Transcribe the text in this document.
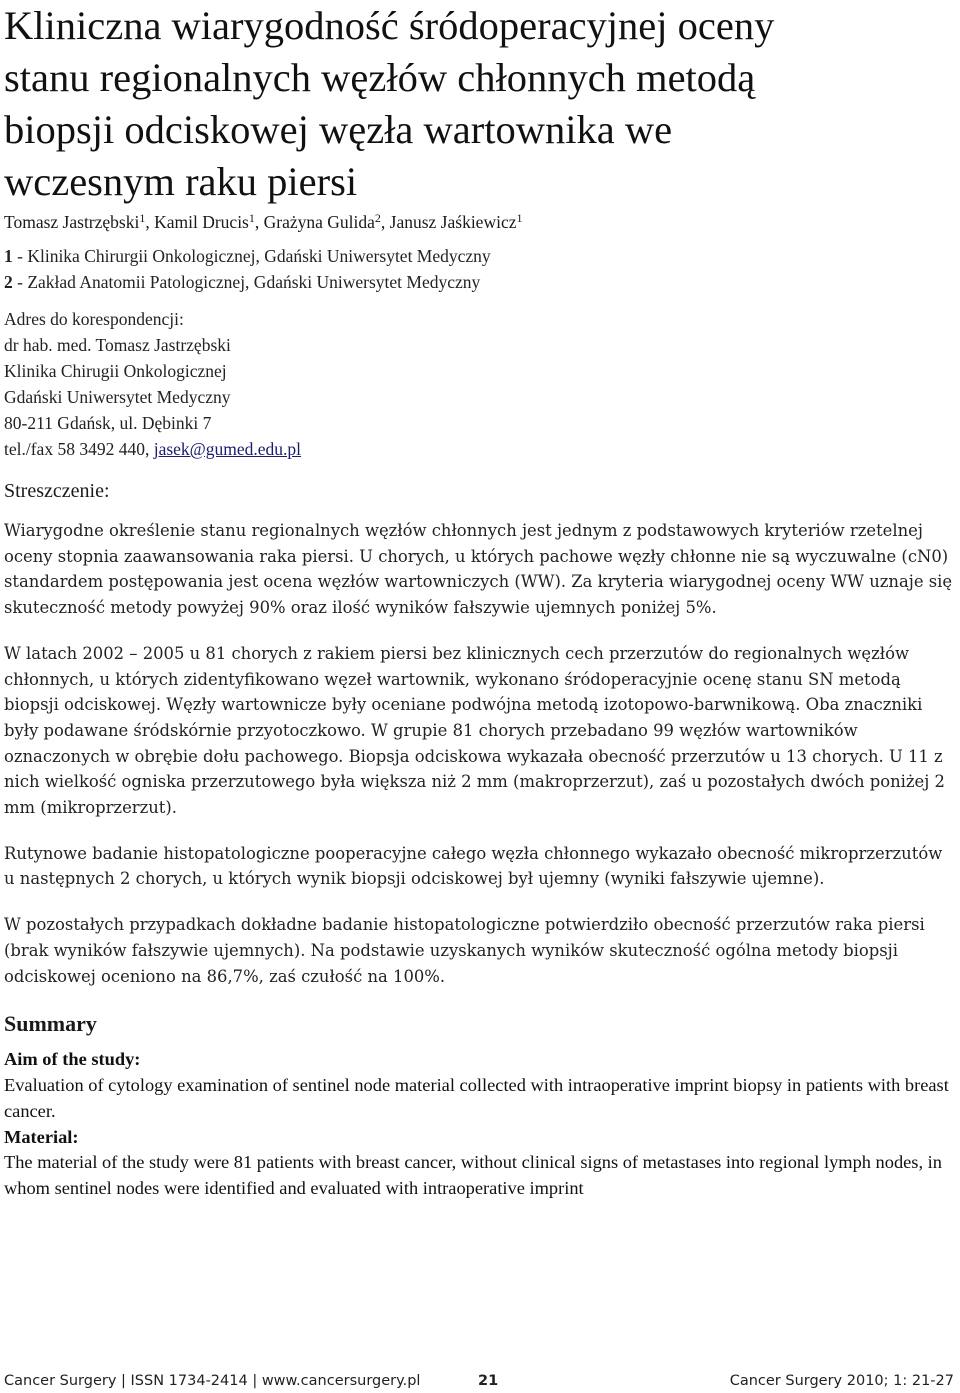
Kliniczna wiarygodność śródoperacyjnej oceny
stanu regionalnych węzłów chłonnych metodą
biopsji odciskowej węzła wartownika we
wczesnym raku piersi
Tomasz Jastrzębski$^1$, Kamil Drucis$^1$, Grażyna Gulida$^2$, Janusz Jaśkiewicz$^1$
1 - Klinika Chirurgii Onkologicznej, Gdański Uniwersytet Medyczny
2 - Zakład Anatomii Patologicznej, Gdański Uniwersytet Medyczny
Adres do korespondencji:
dr hab. med. Tomasz Jastrzębski
Klinika Chirugii Onkologicznej
Gdański Uniwersytet Medyczny
80-211 Gdańsk, ul. Dębinki 7
tel./fax 58 3492 440, jasek@gumed.edu.pl
Streszczenie:

Wiarygodne określenie stanu regionalnych węzłów chłonnych jest jednym z podstawowych kryteriów rzetelnej oceny stopnia zaawansowania raka piersi. U chorych, u których pachowe węzły chłonne nie są wyczuwalne (cN0) standardem postępowania jest ocena węzłów wartowniczych (WW). Za kryteria wiarygodnej oceny WW uznaje się skuteczność metody powyżej 90% oraz ilość wyników fałszywie ujemnych poniżej 5%.

W latach 2002 – 2005 u 81 chorych z rakiem piersi bez klinicznych cech przerzutów do regionalnych węzłów chłonnych, u których zidentyfikowano węzeł wartownik, wykonano śródoperacyjnie ocenę stanu SN metodą biopsji odciskowej. Węzły wartownicze były oceniane podwójna metodą izotopowo-barwnikową. Oba znaczniki były podawane śródskórnie przyotoczkowo. W grupie 81 chorych przebadano 99 węzłów wartowników oznaczonych w obrębie dołu pachowego. Biopsja odciskowa wykazała obecność przerzutów u 13 chorych. U 11 z nich wielkość ogniska przerzutowego była większa niż 2 mm (makroprzerzut), zaś u pozostałych dwóch poniżej 2 mm (mikroprzerzut).

Rutynowe badanie histopatologiczne pooperacyjne całego węzła chłonnego wykazało obecność mikroprzerzutów u następnych 2 chorych, u których wynik biopsji odciskowej był ujemny (wyniki fałszywie ujemne).

W pozostałych przypadkach dokładne badanie histopatologiczne potwierdziło obecność przerzutów raka piersi (brak wyników fałszywie ujemnych). Na podstawie uzyskanych wyników skuteczność ogólna metody biopsji odciskowej oceniono na 86,7%, zaś czułość na 100%.

Summary

Aim of the study:

Evaluation of cytology examination of sentinel node material collected with intraoperative imprint biopsy in patients with breast cancer.

Material:

The material of the study were 81 patients with breast cancer, without clinical signs of metastases into regional lymph nodes, in whom sentinel nodes were identified and evaluated with intraoperative imprint

Cancer Surgery | ISSN 1734-2414 | www.cancersurgery.pl	21	Cancer Surgery 2010; 1: 21-27
